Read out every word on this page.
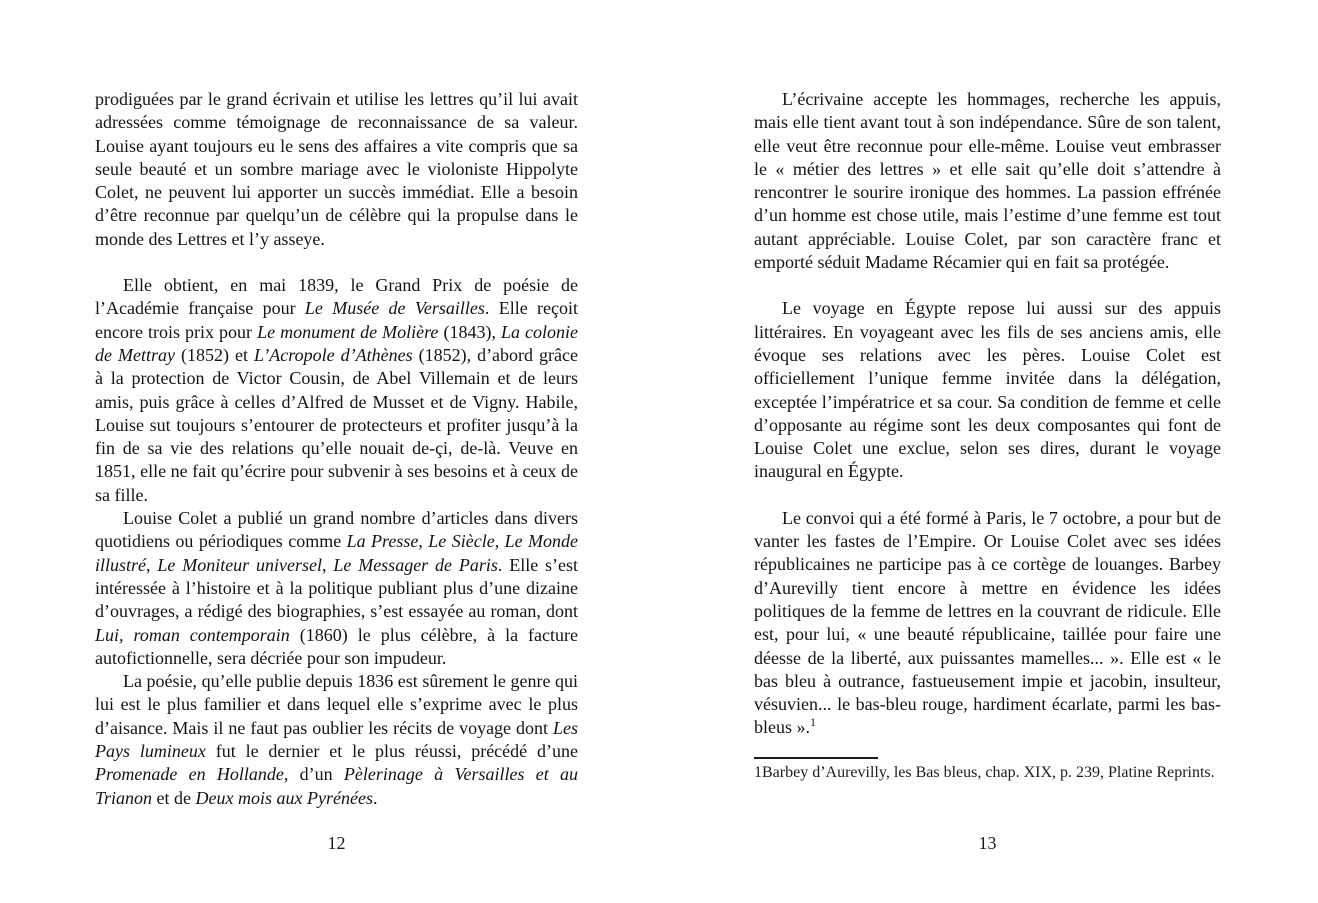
prodiguées par le grand écrivain et utilise les lettres qu’il lui avait adressées comme témoignage de reconnaissance de sa valeur. Louise ayant toujours eu le sens des affaires a vite compris que sa seule beauté et un sombre mariage avec le violoniste Hippolyte Colet, ne peuvent lui apporter un succès immédiat. Elle a besoin d’être reconnue par quelqu’un de célèbre qui la propulse dans le monde des Lettres et l’y asseye.

Elle obtient, en mai 1839, le Grand Prix de poésie de l’Académie française pour Le Musée de Versailles. Elle reçoit encore trois prix pour Le monument de Molière (1843), La colonie de Mettray (1852) et L’Acropole d’Athènes (1852), d’abord grâce à la protection de Victor Cousin, de Abel Villemain et de leurs amis, puis grâce à celles d’Alfred de Musset et de Vigny. Habile, Louise sut toujours s’entourer de protecteurs et profiter jusqu’à la fin de sa vie des relations qu’elle nouait de-çi, de-là. Veuve en 1851, elle ne fait qu’écrire pour subvenir à ses besoins et à ceux de sa fille.

Louise Colet a publié un grand nombre d’articles dans divers quotidiens ou périodiques comme La Presse, Le Siècle, Le Monde illustré, Le Moniteur universel, Le Messager de Paris. Elle s’est intéressée à l’histoire et à la politique publiant plus d’une dizaine d’ouvrages, a rédigé des biographies, s’est essayée au roman, dont Lui, roman contemporain (1860) le plus célèbre, à la facture autofictionnelle, sera décriée pour son impudeur.

La poésie, qu’elle publie depuis 1836 est sûrement le genre qui lui est le plus familier et dans lequel elle s’exprime avec le plus d’aisance. Mais il ne faut pas oublier les récits de voyage dont Les Pays lumineux fut le dernier et le plus réussi, précédé d’une Promenade en Hollande, d’un Pèlerinage à Versailles et au Trianon et de Deux mois aux Pyrénées.

12

L’écrivaine accepte les hommages, recherche les appuis, mais elle tient avant tout à son indépendance. Sûre de son talent, elle veut être reconnue pour elle-même. Louise veut embrasser le « métier des lettres » et elle sait qu’elle doit s’attendre à rencontrer le sourire ironique des hommes. La passion effrénée d’un homme est chose utile, mais l’estime d’une femme est tout autant appréciable. Louise Colet, par son caractère franc et emporté séduit Madame Récamier qui en fait sa protégée.

Le voyage en Égypte repose lui aussi sur des appuis littéraires. En voyageant avec les fils de ses anciens amis, elle évoque ses relations avec les pères. Louise Colet est officiellement l’unique femme invitée dans la délégation, exceptée l’impératrice et sa cour. Sa condition de femme et celle d’opposante au régime sont les deux composantes qui font de Louise Colet une exclue, selon ses dires, durant le voyage inaugural en Égypte.

Le convoi qui a été formé à Paris, le 7 octobre, a pour but de vanter les fastes de l’Empire. Or Louise Colet avec ses idées républicaines ne participe pas à ce cortège de louanges. Barbey d’Aurevilly tient encore à mettre en évidence les idées politiques de la femme de lettres en la couvrant de ridicule. Elle est, pour lui, « une beauté républicaine, taillée pour faire une déesse de la liberté, aux puissantes mamelles... ». Elle est « le bas bleu à outrance, fastueusement impie et jacobin, insulteur, vésuvien... le bas-bleu rouge, hardiment écarlate, parmi les bas-bleus ».$^1$

1Barbey d’Aurevilly, les Bas bleus, chap. XIX, p. 239, Platine Reprints.

13
